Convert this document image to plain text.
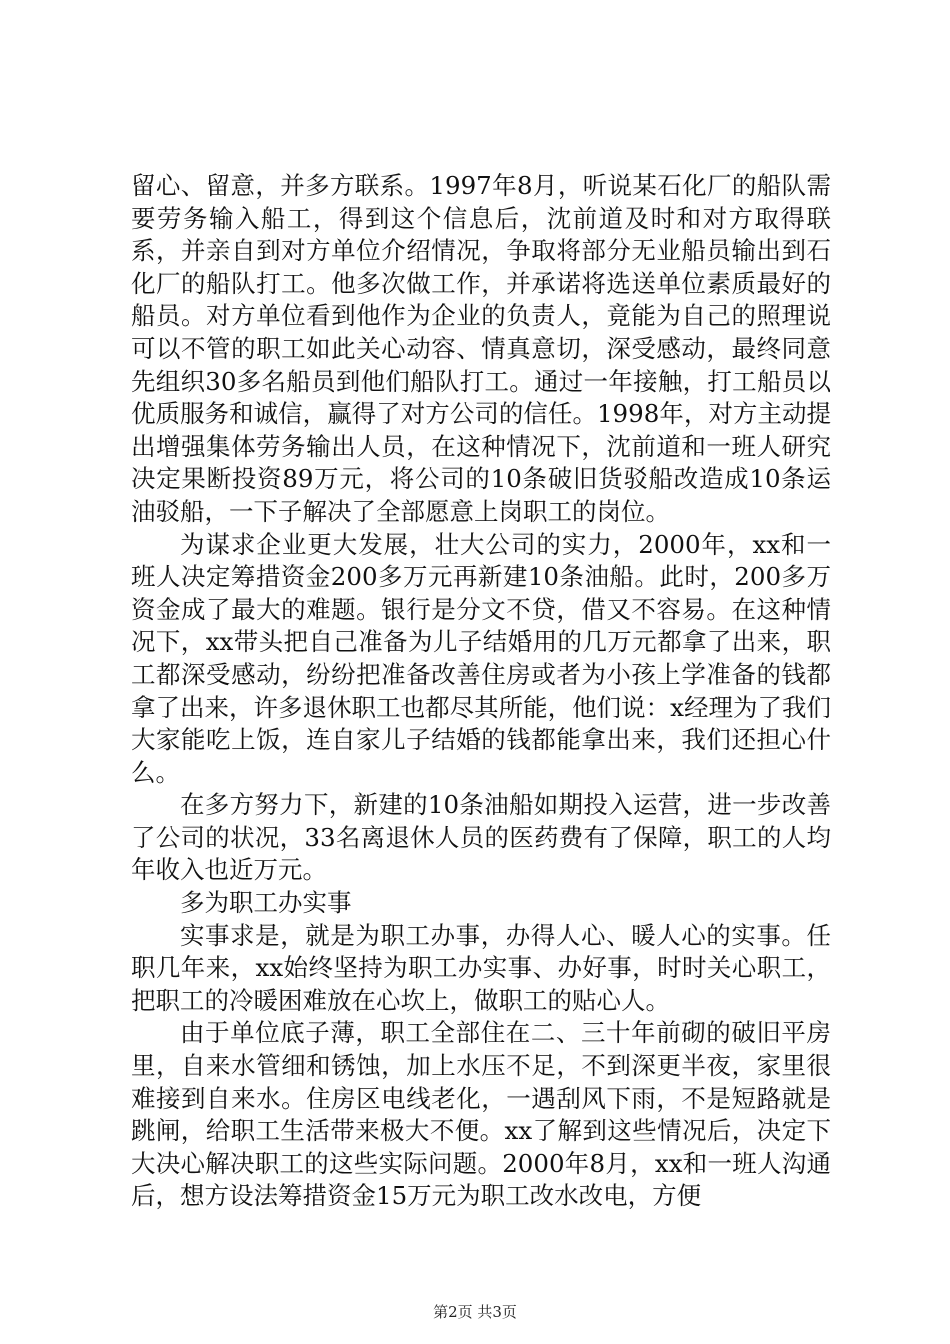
留心、留意，并多方联系。1997年8月，听说某石化厂的船队需要劳务输入船工，得到这个信息后，沈前道及时和对方取得联系，并亲自到对方单位介绍情况，争取将部分无业船员输出到石化厂的船队打工。他多次做工作，并承诺将选送单位素质最好的船员。对方单位看到他作为企业的负责人，竟能为自己的照理说可以不管的职工如此关心动容、情真意切，深受感动，最终同意先组织30多名船员到他们船队打工。通过一年接触，打工船员以优质服务和诚信，赢得了对方公司的信任。1998年，对方主动提出增强集体劳务输出人员，在这种情况下，沈前道和一班人研究决定果断投资89万元，将公司的10条破旧货驳船改造成10条运油驳船，一下子解决了全部愿意上岗职工的岗位。

为谋求企业更大发展，壮大公司的实力，2000年，xx和一班人决定筹措资金200多万元再新建10条油船。此时，200多万资金成了最大的难题。银行是分文不贷，借又不容易。在这种情况下，xx带头把自己准备为儿子结婚用的几万元都拿了出来，职工都深受感动，纷纷把准备改善住房或者为小孩上学准备的钱都拿了出来，许多退休职工也都尽其所能，他们说：x经理为了我们大家能吃上饭，连自家儿子结婚的钱都能拿出来，我们还担心什么。

在多方努力下，新建的10条油船如期投入运营，进一步改善了公司的状况，33名离退休人员的医药费有了保障，职工的人均年收入也近万元。

多为职工办实事

实事求是，就是为职工办事，办得人心、暖人心的实事。任职几年来，xx始终坚持为职工办实事、办好事，时时关心职工，把职工的冷暖困难放在心坎上，做职工的贴心人。

由于单位底子薄，职工全部住在二、三十年前砌的破旧平房里，自来水管细和锈蚀，加上水压不足，不到深更半夜，家里很难接到自来水。住房区电线老化，一遇刮风下雨，不是短路就是跳闸，给职工生活带来极大不便。xx了解到这些情况后，决定下大决心解决职工的这些实际问题。2000年8月，xx和一班人沟通后，想方设法筹措资金15万元为职工改水改电，方便

第2页 共3页
